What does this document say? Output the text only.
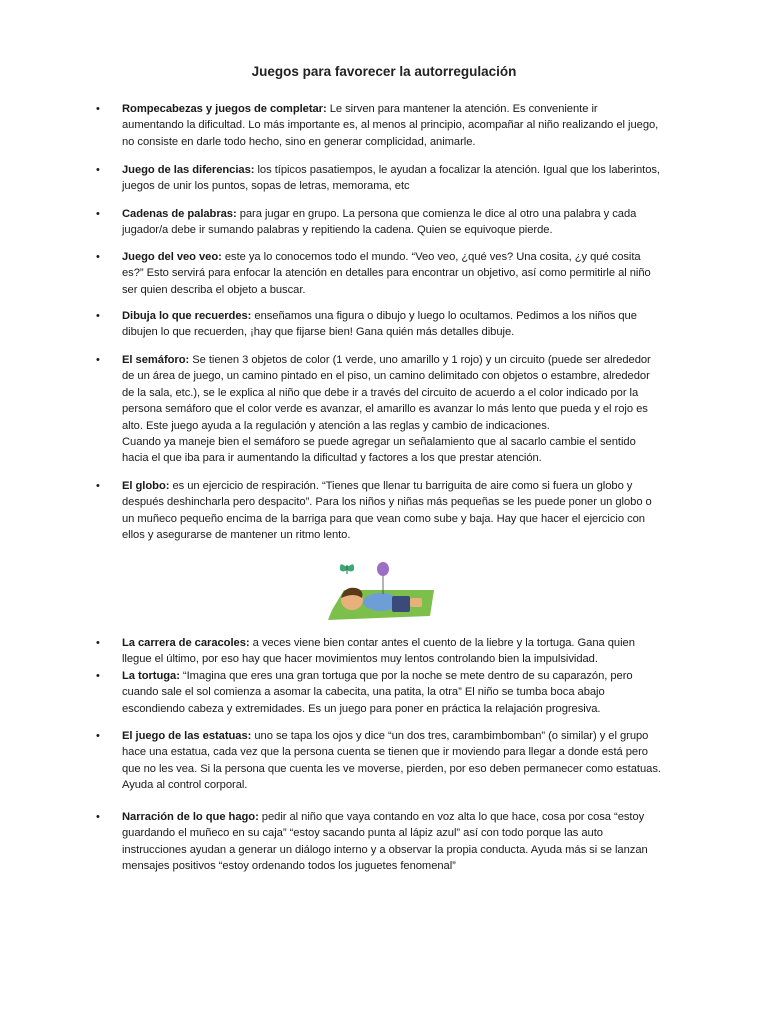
Juegos para favorecer la autorregulación
• Rompecabezas y juegos de completar: Le sirven para mantener la atención. Es conveniente ir aumentando la dificultad. Lo más importante es, al menos al principio, acompañar al niño realizando el juego, no consiste en darle todo hecho, sino en generar complicidad, animarle.

• Juego de las diferencias: los típicos pasatiempos, le ayudan a focalizar la atención. Igual que los laberintos, juegos de unir los puntos, sopas de letras, memorama, etc

• Cadenas de palabras: para jugar en grupo. La persona que comienza le dice al otro una palabra y cada jugador/a debe ir sumando palabras y repitiendo la cadena. Quien se equivoque pierde.

• Juego del veo veo: este ya lo conocemos todo el mundo. “Veo veo, ¿qué ves? Una cosita, ¿y qué cosita es?” Esto servirá para enfocar la atención en detalles para encontrar un objetivo, así como permitirle al niño ser quien describa el objeto a buscar.

• Dibuja lo que recuerdes: enseñamos una figura o dibujo y luego lo ocultamos. Pedimos a los niños que dibujen lo que recuerden, ¡hay que fijarse bien! Gana quién más detalles dibuje.

• El semáforo: Se tienen 3 objetos de color (1 verde, uno amarillo y 1 rojo) y un circuito (puede ser alrededor de un área de juego, un camino pintado en el piso, un camino delimitado con objetos o estambre, alrededor de la sala, etc.), se le explica al niño que debe ir a través del circuito de acuerdo a el color indicado por la persona semáforo que el color verde es avanzar, el amarillo es avanzar lo más lento que pueda y el rojo es alto. Este juego ayuda a la regulación y atención a las reglas y cambio de indicaciones.

Cuando ya maneje bien el semáforo se puede agregar un señalamiento que al sacarlo cambie el sentido hacia el que iba para ir aumentando la dificultad y factores a los que prestar atención.

• El globo: es un ejercicio de respiración. “Tienes que llenar tu barriguita de aire como si fuera un globo y después deshincharla pero despacito”. Para los niños y niñas más pequeñas se les puede poner un globo o un muñeco pequeño encima de la barriga para que vean como sube y baja. Hay que hacer el ejercicio con ellos y asegurarse de mantener un ritmo lento.

• La carrera de caracoles: a veces viene bien contar antes el cuento de la liebre y la tortuga. Gana quien llegue el último, por eso hay que hacer movimientos muy lentos controlando bien la impulsividad.

• La tortuga: “Imagina que eres una gran tortuga que por la noche se mete dentro de su caparazón, pero cuando sale el sol comienza a asomar la cabecita, una patita, la otra” El niño se tumba boca abajo escondiendo cabeza y extremidades. Es un juego para poner en práctica la relajación progresiva.

• El juego de las estatuas: uno se tapa los ojos y dice “un dos tres, carambimbomban” (o similar) y el grupo hace una estatua, cada vez que la persona cuenta se tienen que ir moviendo para llegar a donde está pero que no les vea. Si la persona que cuenta les ve moverse, pierden, por eso deben permanecer como estatuas. Ayuda al control corporal.

• Narración de lo que hago: pedir al niño que vaya contando en voz alta lo que hace, cosa por cosa “estoy guardando el muñeco en su caja” “estoy sacando punta al lápiz azul” así con todo porque las auto instrucciones ayudan a generar un diálogo interno y a observar la propia conducta. Ayuda más si se lanzan mensajes positivos “estoy ordenando todos los juguetes fenomenal”
